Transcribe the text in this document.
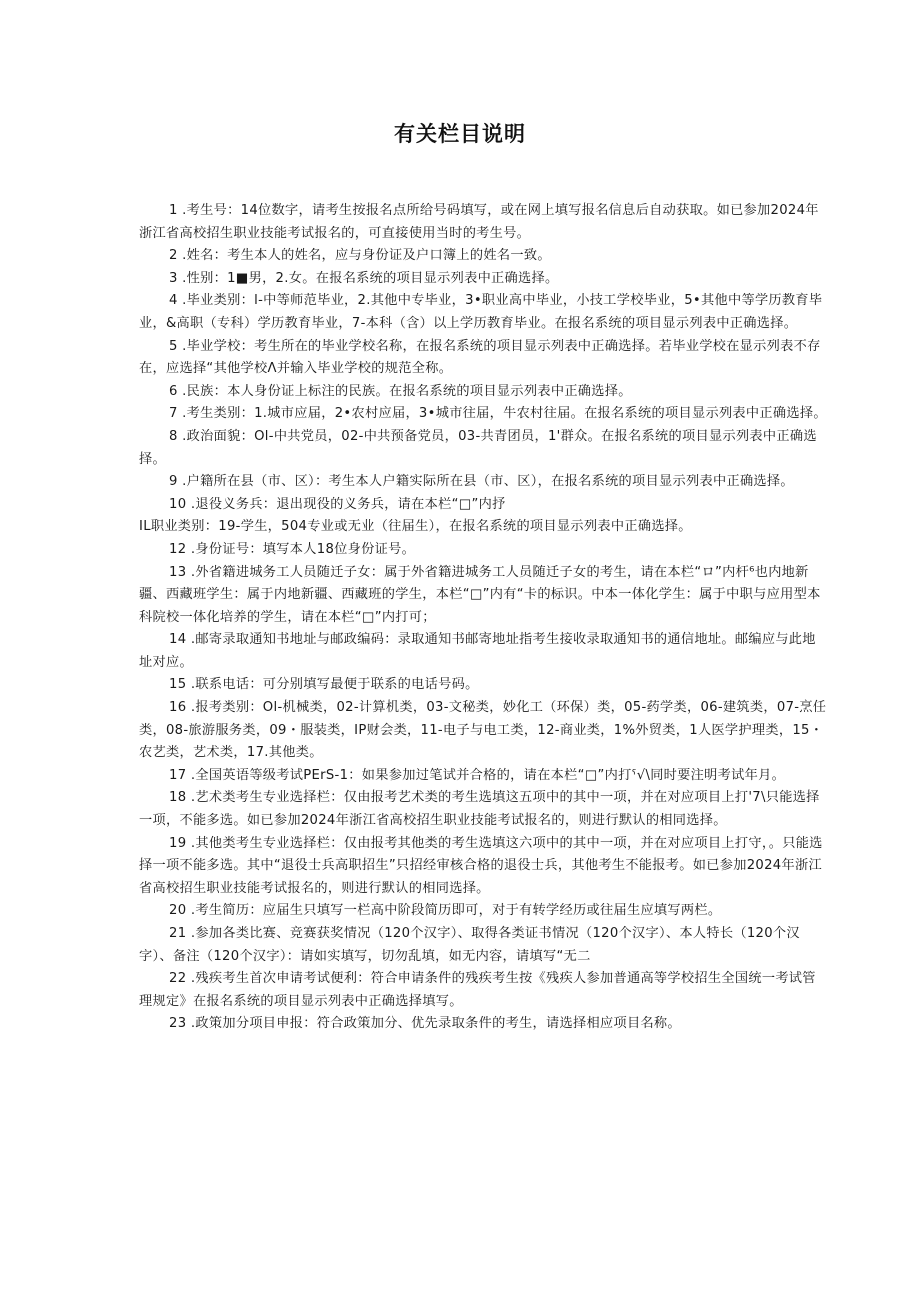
有关栏目说明

1 .考生号：14位数字，请考生按报名点所给号码填写，或在网上填写报名信息后自动获取。如已参加2024年浙江省高校招生职业技能考试报名的，可直接使用当时的考生号。

2 .姓名：考生本人的姓名，应与身份证及户口簿上的姓名一致。

3 .性别：1■男，2.女。在报名系统的项目显示列表中正确选择。

4 .毕业类别：l-中等师范毕业，2.其他中专毕业，3•职业高中毕业，小技工学校毕业，5•其他中等学历教育毕业，&高职（专科）学历教育毕业，7-本科（含）以上学历教育毕业。在报名系统的项目显示列表中正确选择。

5 .毕业学校：考生所在的毕业学校名称，在报名系统的项目显示列表中正确选择。若毕业学校在显示列表不存在，应选择“其他学校Λ并输入毕业学校的规范全称。

6 .民族：本人身份证上标注的民族。在报名系统的项目显示列表中正确选择。

7 .考生类别：1.城市应届，2•农村应届，3•城市往届，牛农村往届。在报名系统的项目显示列表中正确选择。

8 .政治面貌：Ol-中共党员，02-中共预备党员，03-共青团员，1'群众。在报名系统的项目显示列表中正确选择。

9 .户籍所在县（市、区）：考生本人户籍实际所在县（市、区），在报名系统的项目显示列表中正确选择。

10 .退役义务兵：退出现役的义务兵，请在本栏“□”内抒

IL职业类别：19-学生，504专业或无业（往届生），在报名系统的项目显示列表中正确选择。

12 .身份证号：填写本人18位身份证号。

13 .外省籍进城务工人员随迁子女：属于外省籍进城务工人员随迁子女的考生，请在本栏“ロ”内杆⁶也内地新疆、西藏班学生：属于内地新疆、西藏班的学生，本栏“□”内有“卡的标识。中本一体化学生：属于中职与应用型本科院校一体化培养的学生，请在本栏“□”内打可；

14 .邮寄录取通知书地址与邮政编码：录取通知书邮寄地址指考生接收录取通知书的通信地址。邮编应与此地址对应。

15 .联系电话：可分别填写最便于联系的电话号码。

16 .报考类别：Ol-机械类，02-计算机类，03-文秘类，妙化工（环保）类，05-药学类，06-建筑类，07-烹任类，08-旅游服务类，09・服装类，IP财会类，11-电子与电工类，12-商业类，1%外贸类，1人医学护理类，15・农艺类，艺术类，17.其他类。

17 .全国英语等级考试PErS-1：如果参加过笔试并合格的，请在本栏“□”内打ˤ√\同时要注明考试年月。

18 .艺术类考生专业选择栏：仅由报考艺术类的考生选填这五项中的其中一项，并在对应项目上打'7\只能选择一项，不能多选。如已参加2024年浙江省高校招生职业技能考试报名的，则进行默认的相同选择。

19 .其他类考生专业选择栏：仅由报考其他类的考生选填这六项中的其中一项，并在对应项目上打守，。只能选择一项不能多选。其中“退役士兵高职招生”只招经审核合格的退役士兵，其他考生不能报考。如已参加2024年浙江省高校招生职业技能考试报名的，则进行默认的相同选择。

20 .考生简历：应届生只填写一栏高中阶段简历即可，对于有转学经历或往届生应填写两栏。

21 .参加各类比赛、竞赛获奖情况（120个汉字）、取得各类证书情况（120个汉字）、本人特长（120个汉字）、备注（120个汉字）：请如实填写，切勿乱填，如无内容，请填写“无二

22 .残疾考生首次申请考试便利：符合申请条件的残疾考生按《残疾人参加普通高等学校招生全国统一考试管理规定》在报名系统的项目显示列表中正确选择填写。

23 .政策加分项目申报：符合政策加分、优先录取条件的考生，请选择相应项目名称。
